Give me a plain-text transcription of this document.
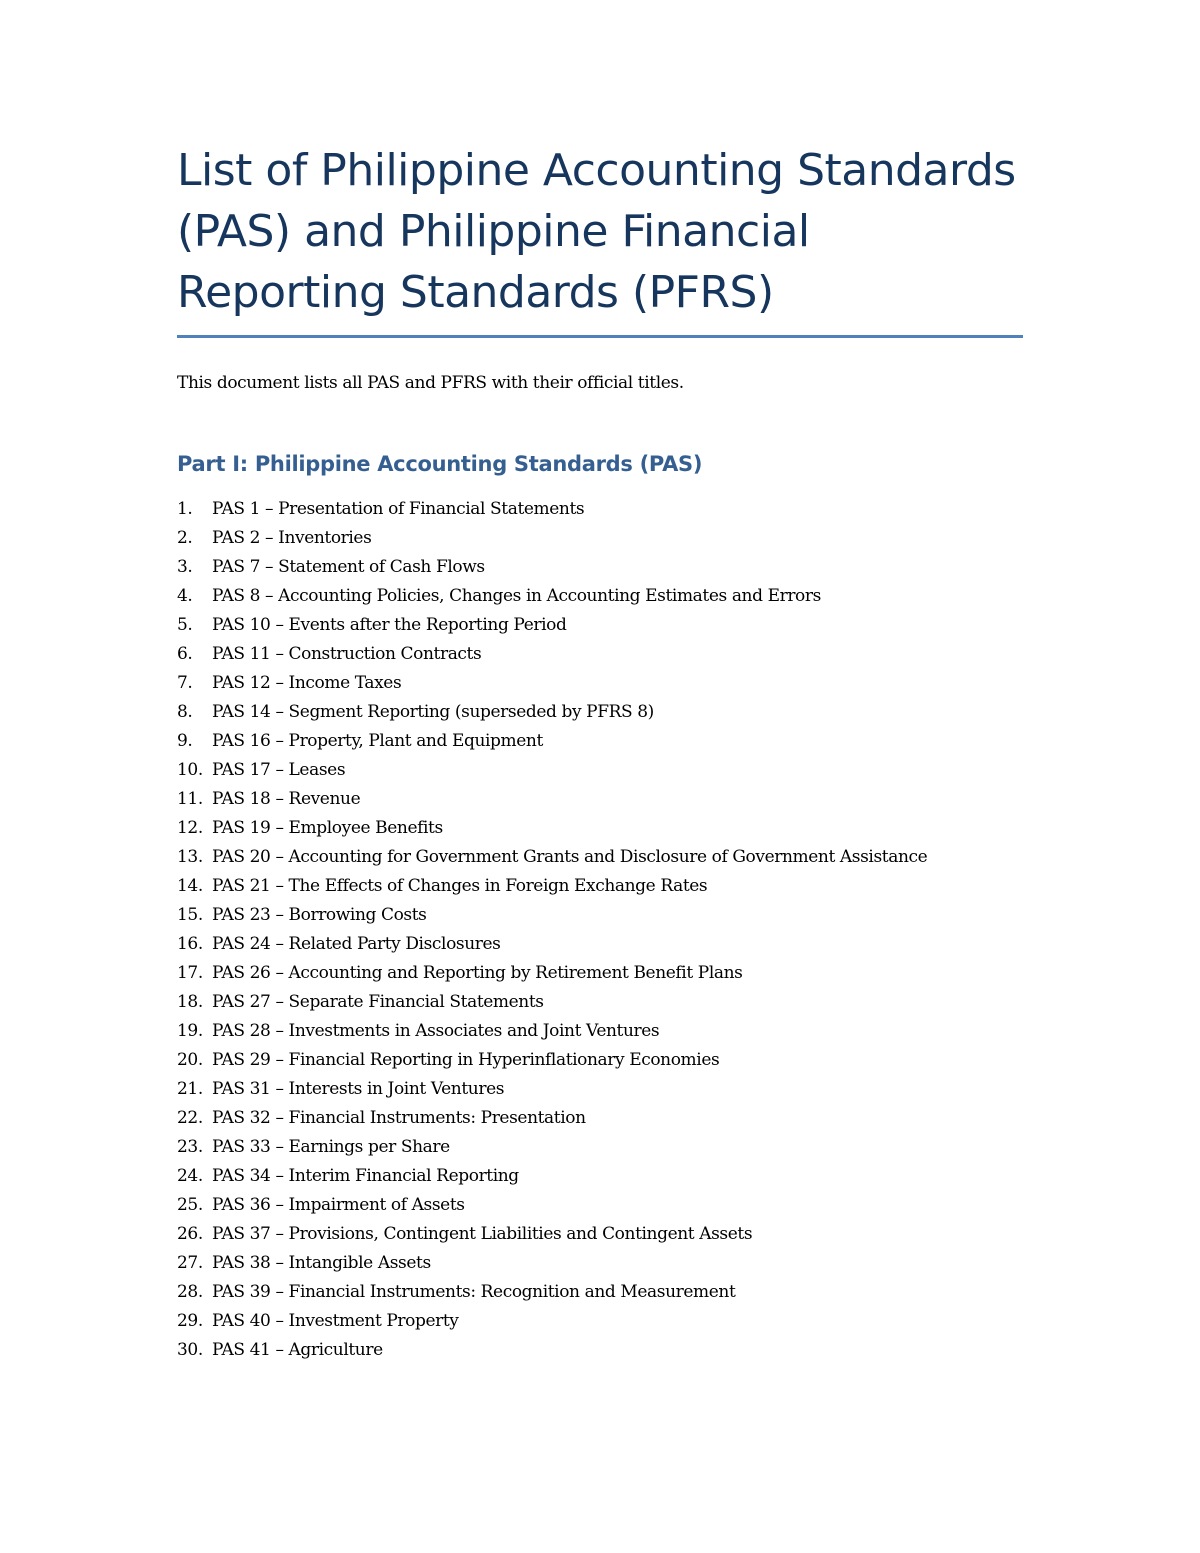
List of Philippine Accounting Standards (PAS) and Philippine Financial Reporting Standards (PFRS)

This document lists all PAS and PFRS with their official titles.

Part I: Philippine Accounting Standards (PAS)
1.	PAS 1 – Presentation of Financial Statements
2.	PAS 2 – Inventories
3.	PAS 7 – Statement of Cash Flows
4.	PAS 8 – Accounting Policies, Changes in Accounting Estimates and Errors
5.	PAS 10 – Events after the Reporting Period
6.	PAS 11 – Construction Contracts
7.	PAS 12 – Income Taxes
8.	PAS 14 – Segment Reporting (superseded by PFRS 8)
9.	PAS 16 – Property, Plant and Equipment
10. PAS 17 – Leases
11. PAS 18 – Revenue
12. PAS 19 – Employee Benefits
13. PAS 20 – Accounting for Government Grants and Disclosure of Government Assistance
14. PAS 21 – The Effects of Changes in Foreign Exchange Rates
15. PAS 23 – Borrowing Costs
16. PAS 24 – Related Party Disclosures
17. PAS 26 – Accounting and Reporting by Retirement Benefit Plans
18. PAS 27 – Separate Financial Statements
19. PAS 28 – Investments in Associates and Joint Ventures
20. PAS 29 – Financial Reporting in Hyperinflationary Economies
21. PAS 31 – Interests in Joint Ventures
22. PAS 32 – Financial Instruments: Presentation
23. PAS 33 – Earnings per Share
24. PAS 34 – Interim Financial Reporting
25. PAS 36 – Impairment of Assets
26. PAS 37 – Provisions, Contingent Liabilities and Contingent Assets
27. PAS 38 – Intangible Assets
28. PAS 39 – Financial Instruments: Recognition and Measurement
29. PAS 40 – Investment Property
30. PAS 41 – Agriculture
